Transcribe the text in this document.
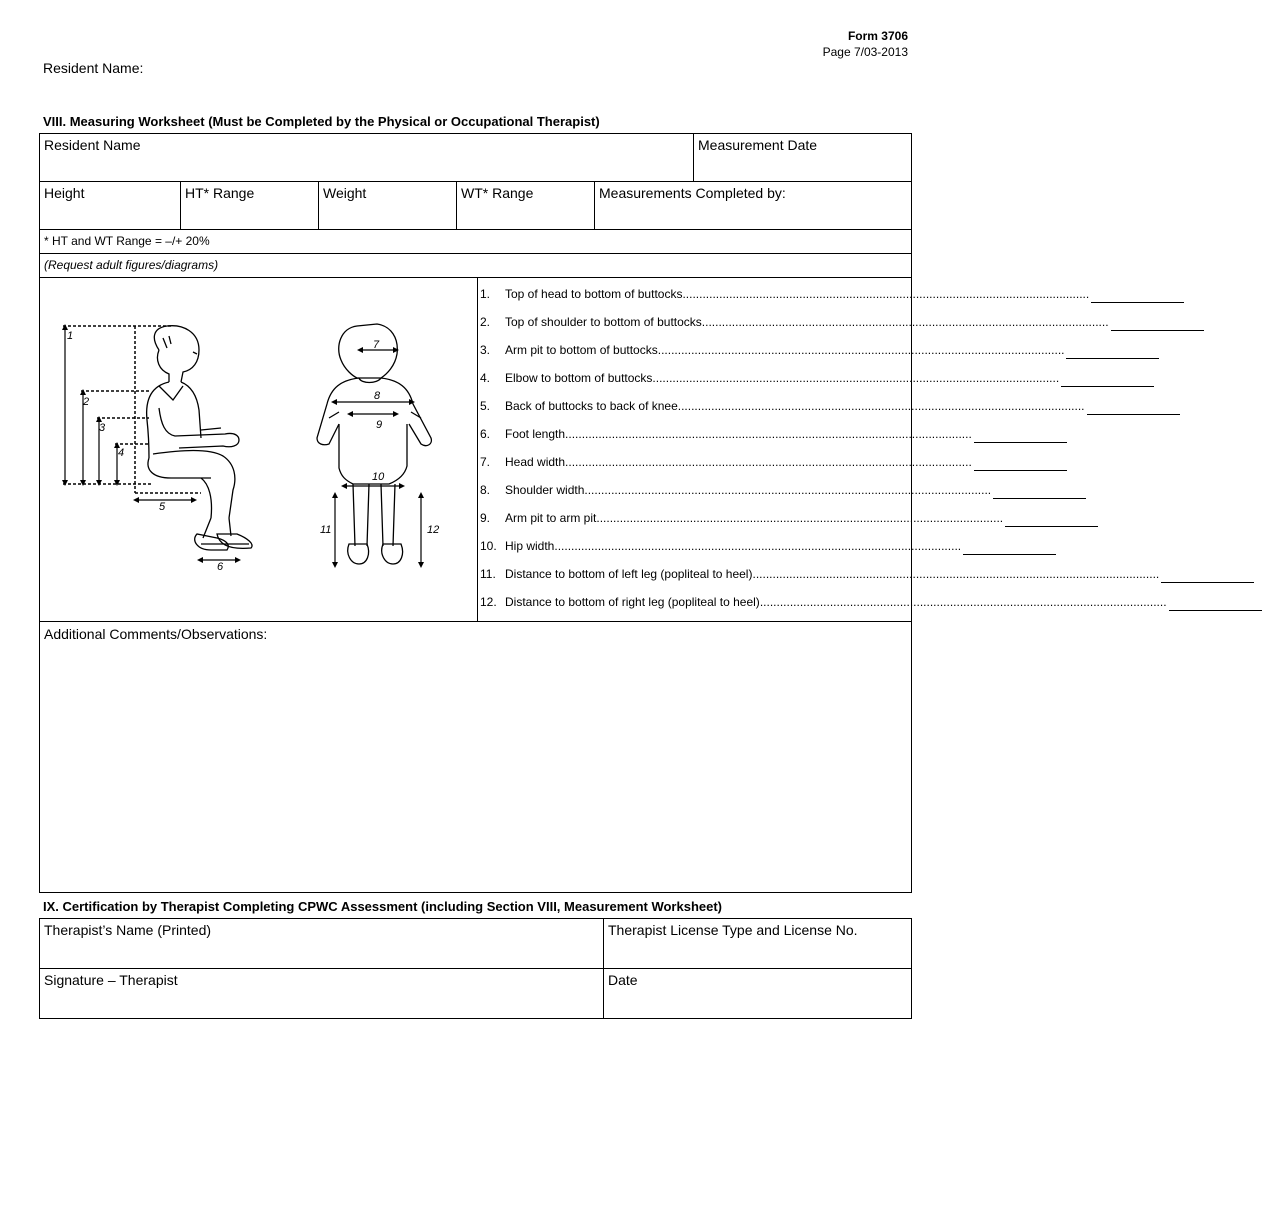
Form 3706
Page 7/03-2013
Resident Name:
VIII. Measuring Worksheet (Must be Completed by the Physical or Occupational Therapist)
Resident Name	Measurement Date
Height	HT* Range	Weight	WT* Range	Measurements Completed by:
* HT and WT Range = –/+ 20%
(Request adult figures/diagrams)
Additional Comments/Observations:
1
2
3
4
5
6
7
8
9
10
11	12
1.	Top of head to bottom of buttocks ..........................................................................................................................
2.	Top of shoulder to bottom of buttocks ..........................................................................................................................
3.	Arm pit to bottom of buttocks ..........................................................................................................................
4.	Elbow to bottom of buttocks ..........................................................................................................................
5.	Back of buttocks to back of knee ..........................................................................................................................
6.	Foot length ..........................................................................................................................
7.	Head width ..........................................................................................................................
8.	Shoulder width ..........................................................................................................................
9.	Arm pit to arm pit ..........................................................................................................................
10. Hip width ..........................................................................................................................
11. Distance to bottom of left leg (popliteal to heel) ..........................................................................................................................
12. Distance to bottom of right leg (popliteal to heel) ..........................................................................................................................
IX. Certification by Therapist Completing CPWC Assessment (including Section VIII, Measurement Worksheet)
Therapist’s Name (Printed)	Therapist License Type and License No.
Signature – Therapist	Date
